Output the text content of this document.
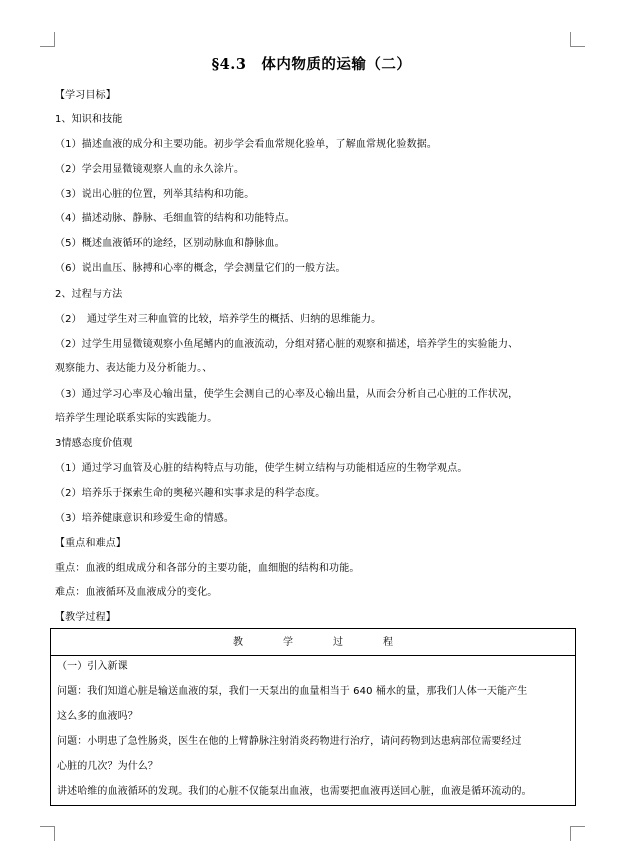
§4.3　体内物质的运输（二）
【学习目标】
1、知识和技能
（1）描述血液的成分和主要功能。初步学会看血常规化验单，了解血常规化验数据。
（2）学会用显微镜观察人血的永久涂片。
（3）说出心脏的位置，列举其结构和功能。
（4）描述动脉、静脉、毛细血管的结构和功能特点。
（5）概述血液循环的途经，区别动脉血和静脉血。
（6）说出血压、脉搏和心率的概念，学会测量它们的一般方法。
2、过程与方法
（2）　通过学生对三种血管的比较，培养学生的概括、归纳的思维能力。
（2）过学生用显微镜观察小鱼尾鳍内的血液流动，分组对猪心脏的观察和描述，培养学生的实验能力、
观察能力、表达能力及分析能力。、
（3）通过学习心率及心输出量，使学生会测自己的心率及心输出量，从而会分析自己心脏的工作状况，
培养学生理论联系实际的实践能力。
3情感态度价值观
（1）通过学习血管及心脏的结构特点与功能，使学生树立结构与功能相适应的生物学观点。
（2）培养乐于探索生命的奥秘兴趣和实事求是的科学态度。
（3）培养健康意识和珍爱生命的情感。
【重点和难点】
重点：血液的组成成分和各部分的主要功能，血细胞的结构和功能。
难点：血液循环及血液成分的变化。
【教学过程】
教	学	过	程
（一）引入新课
问题：我们知道心脏是输送血液的泵，我们一天泵出的血量相当于 640 桶水的量，那我们人体一天能产生
这么多的血液吗？
问题：小明患了急性肠炎，医生在他的上臂静脉注射消炎药物进行治疗，请问药物到达患病部位需要经过
心脏的几次？为什么？
讲述哈维的血液循环的发现。我们的心脏不仅能泵出血液，也需要把血液再送回心脏，血液是循环流动的。
